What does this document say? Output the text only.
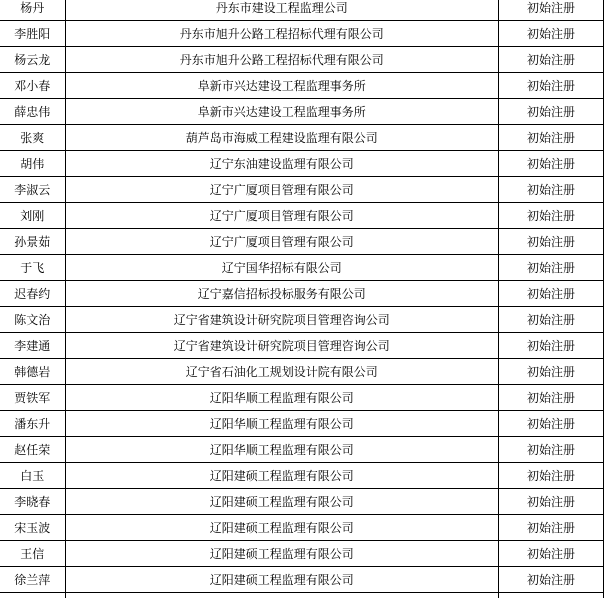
杨丹	丹东市建设工程监理公司	初始注册
李胜阳	丹东市旭升公路工程招标代理有限公司	初始注册
杨云龙	丹东市旭升公路工程招标代理有限公司	初始注册
邓小春	阜新市兴达建设工程监理事务所	初始注册
薛忠伟	阜新市兴达建设工程监理事务所	初始注册
张爽	葫芦岛市海威工程建设监理有限公司	初始注册
胡伟	辽宁东油建设监理有限公司	初始注册
李淑云	辽宁广厦项目管理有限公司	初始注册
刘刚	辽宁广厦项目管理有限公司	初始注册
孙景茹	辽宁广厦项目管理有限公司	初始注册
于飞	辽宁国华招标有限公司	初始注册
迟春约	辽宁嘉信招标投标服务有限公司	初始注册
陈文治	辽宁省建筑设计研究院项目管理咨询公司	初始注册
李建通	辽宁省建筑设计研究院项目管理咨询公司	初始注册
韩德岩	辽宁省石油化工规划设计院有限公司	初始注册
贾铁军	辽阳华顺工程监理有限公司	初始注册
潘东升	辽阳华顺工程监理有限公司	初始注册
赵任荣	辽阳华顺工程监理有限公司	初始注册
白玉	辽阳建硕工程监理有限公司	初始注册
李晓春	辽阳建硕工程监理有限公司	初始注册
宋玉波	辽阳建硕工程监理有限公司	初始注册
王信	辽阳建硕工程监理有限公司	初始注册
徐兰萍	辽阳建硕工程监理有限公司	初始注册
